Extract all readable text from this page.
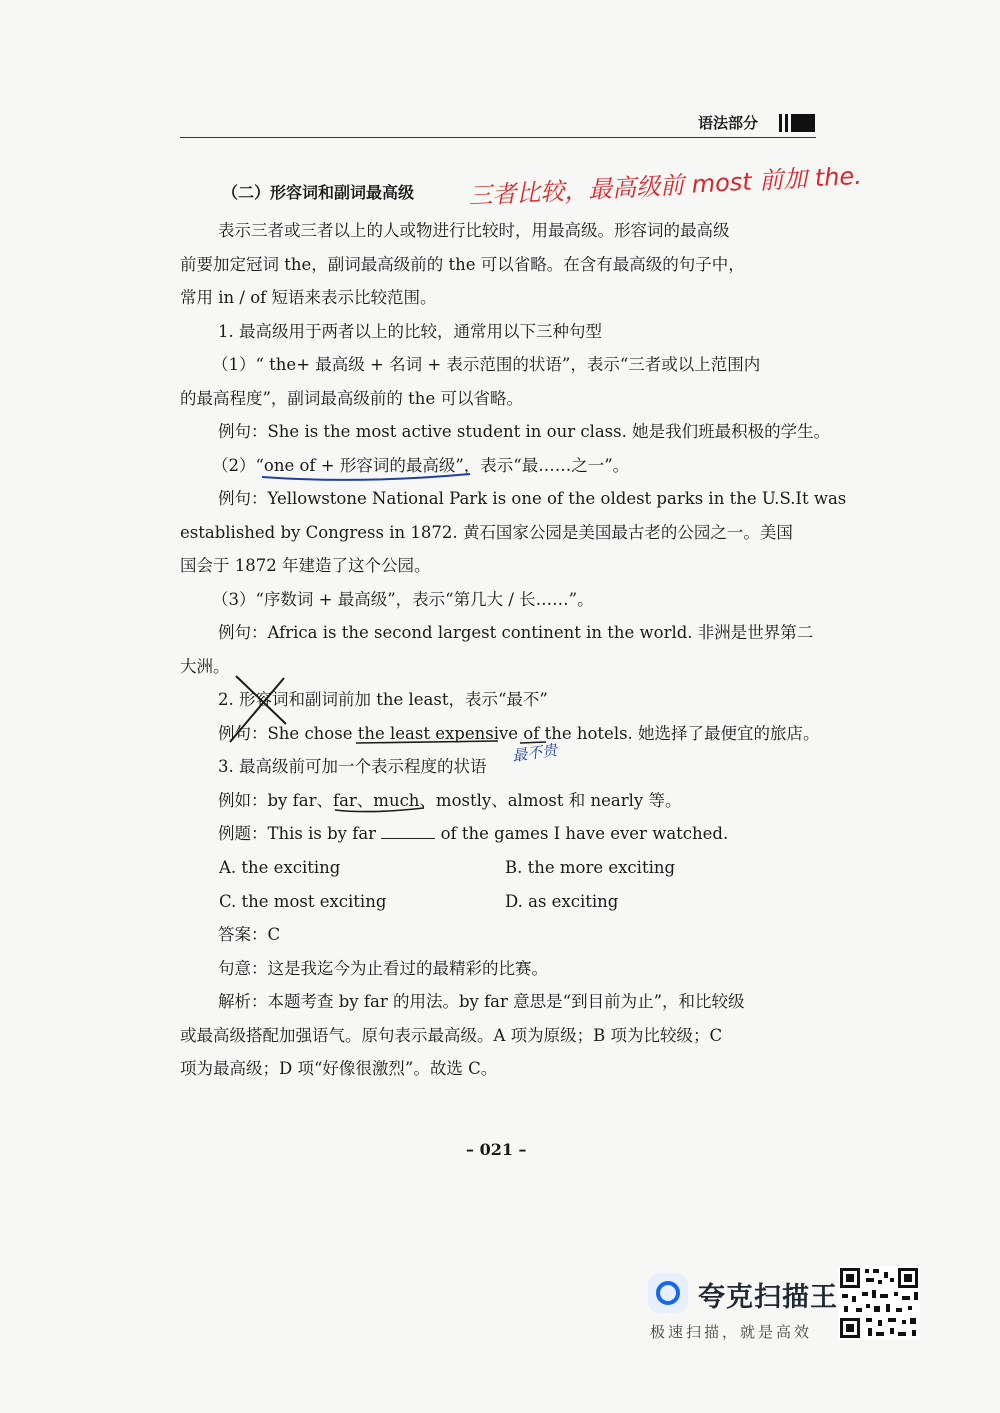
语法部分
（二）形容词和副词最高级 三者比较，最高级前 most 前加 the.
表示三者或三者以上的人或物进行比较时，用最高级。形容词的最高级
前要加定冠词 the，副词最高级前的 the 可以省略。在含有最高级的句子中，
常用 in / of 短语来表示比较范围。
1. 最高级用于两者以上的比较，通常用以下三种句型
（1）“ the+ 最高级 + 名词 + 表示范围的状语”，表示“三者或以上范围内
的最高程度”，副词最高级前的 the 可以省略。
例句：She is the most active student in our class. 她是我们班最积极的学生。
（2）“one of + 形容词的最高级”，表示“最……之一”。
例句：Yellowstone National Park is one of the oldest parks in the U.S.It was
established by Congress in 1872. 黄石国家公园是美国最古老的公园之一。美国
国会于 1872 年建造了这个公园。
（3）“序数词 + 最高级”，表示“第几大 / 长……”。
例句：Africa is the second largest continent in the world. 非洲是世界第二
大洲。
2. 形容词和副词前加 the least，表示“最不”
例句：She chose the least expensive of the hotels. 她选择了最便宜的旅店。
最不贵
3. 最高级前可加一个表示程度的状语
例如：by far、far、much、mostly、almost 和 nearly 等。
例题：This is by far	of the games I have ever watched.
A. the exciting	B. the more exciting
C. the most exciting	D. as exciting
答案：C
句意：这是我迄今为止看过的最精彩的比赛。
解析：本题考查 by far 的用法。by far 意思是“到目前为止”，和比较级
或最高级搭配加强语气。原句表示最高级。A 项为原级；B 项为比较级；C
项为最高级；D 项“好像很激烈”。故选 C。
– 021 –
夸克扫描王
极速扫描，就是高效
